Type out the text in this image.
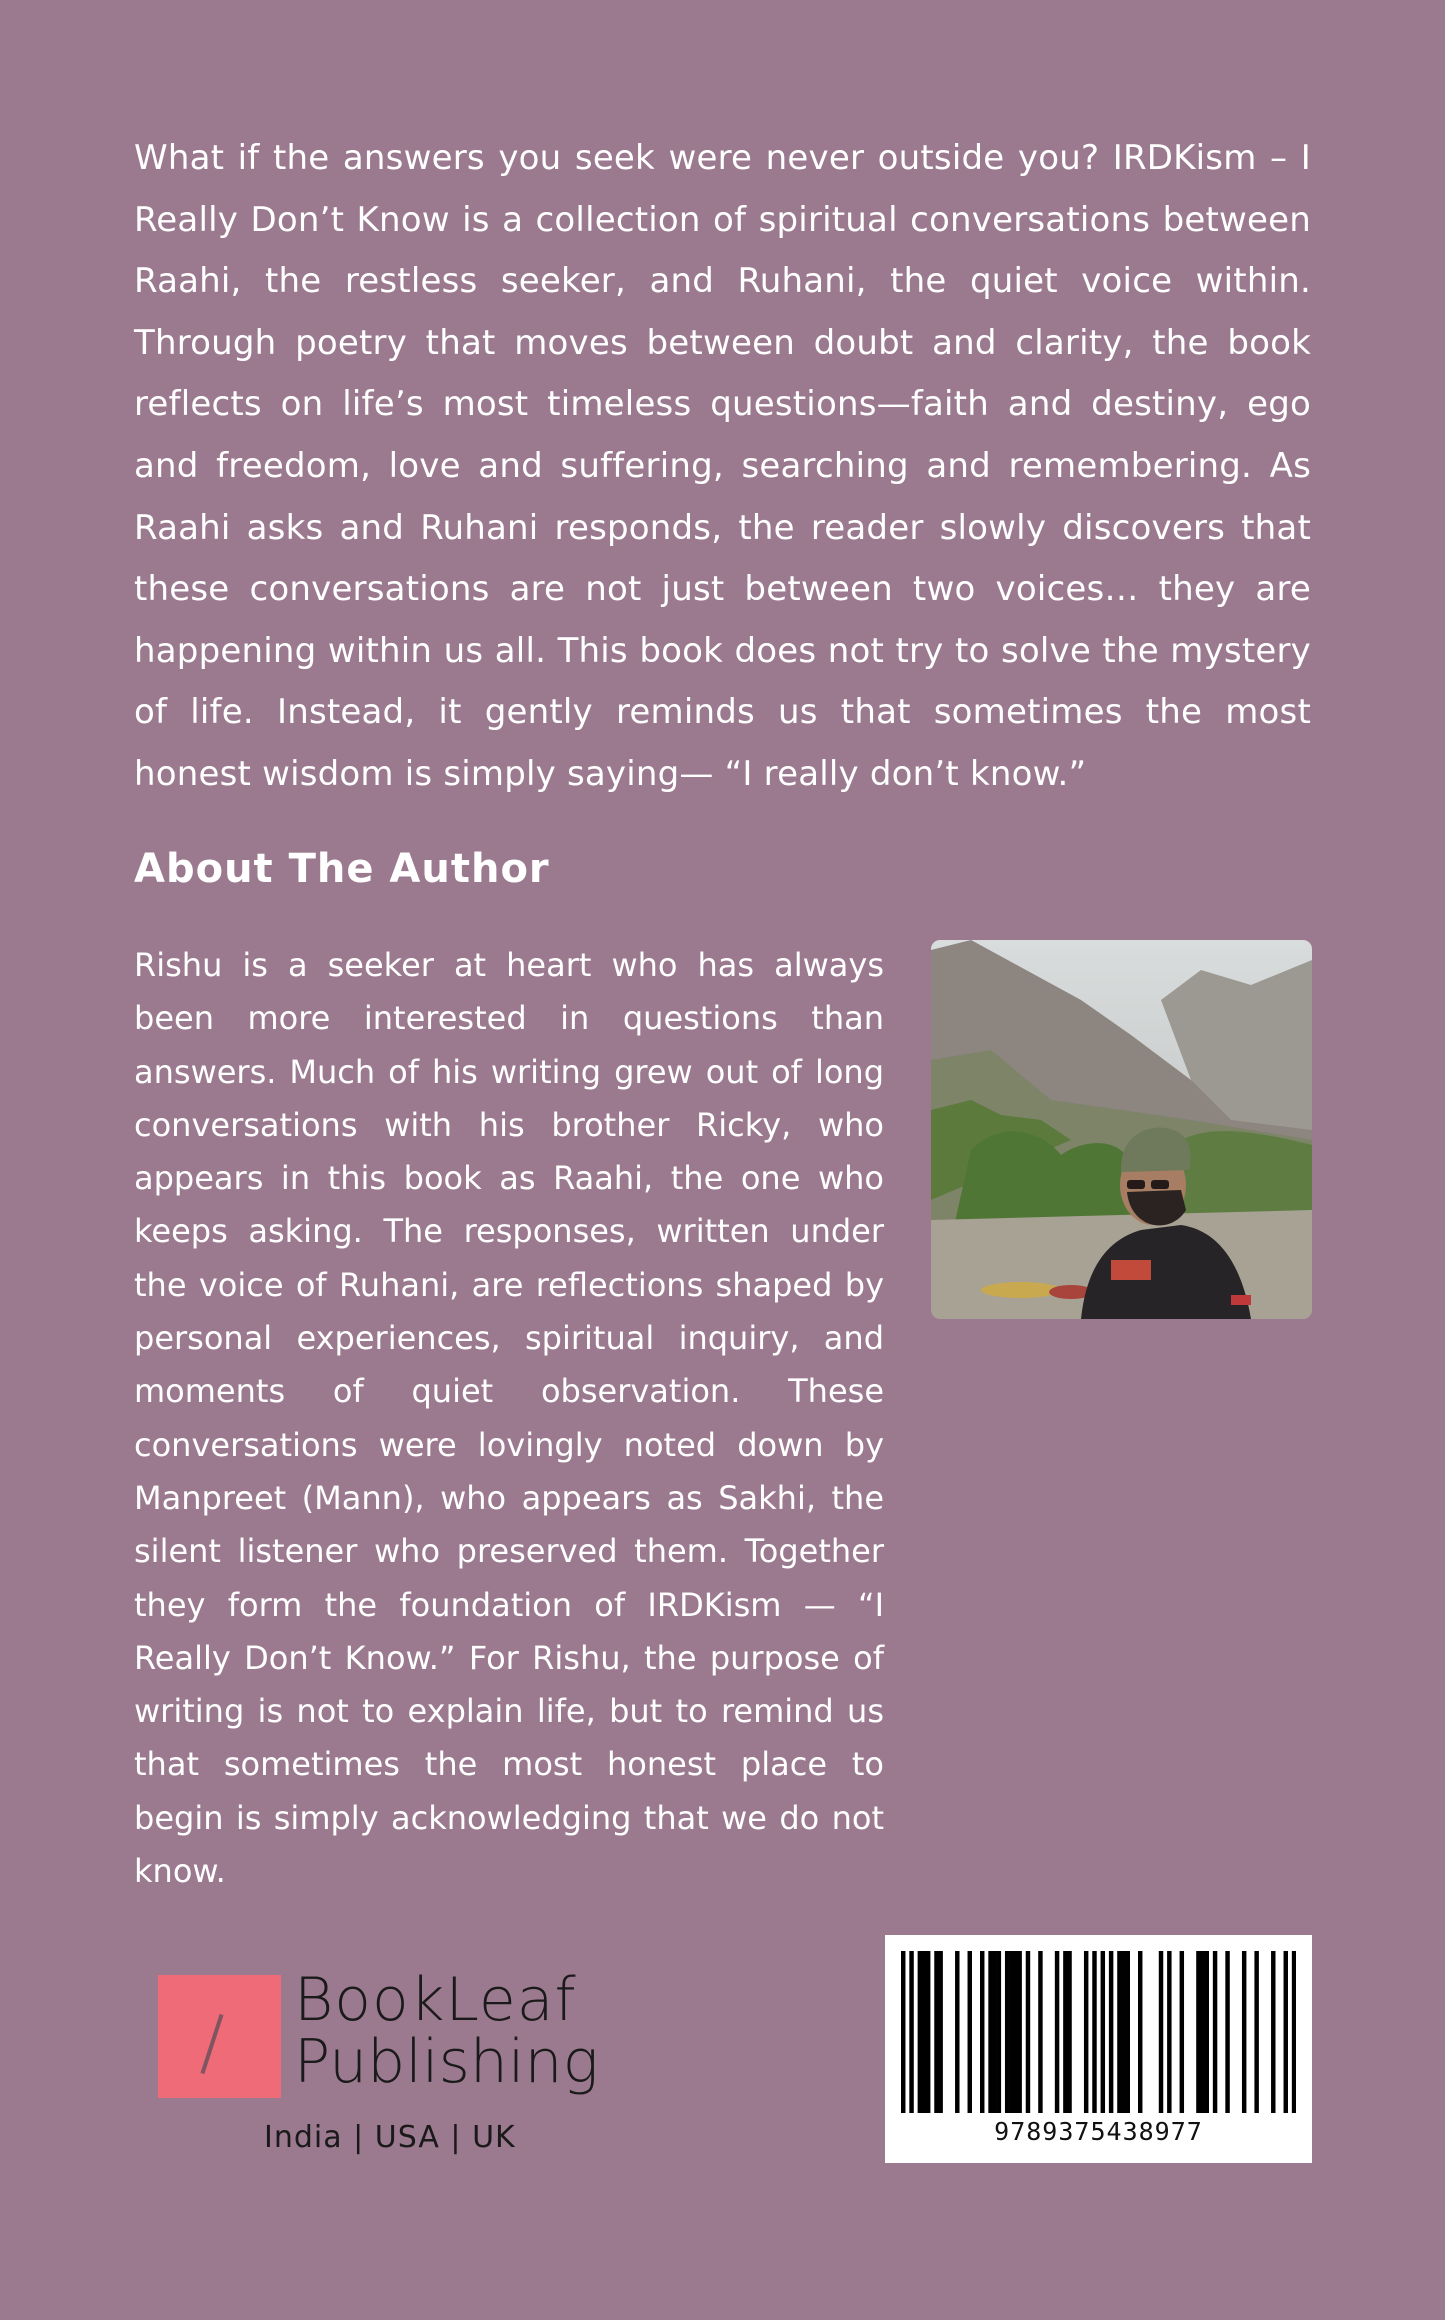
What if the answers you seek were never outside you? IRDKism – I Really Don’t Know is a collection of spiritual conversations between Raahi, the restless seeker, and Ruhani, the quiet voice within. Through poetry that moves between doubt and clarity, the book reflects on life’s most timeless questions—faith and destiny, ego and freedom, love and suffering, searching and remembering. As Raahi asks and Ruhani responds, the reader slowly discovers that these conversations are not just between two voices… they are happening within us all. This book does not try to solve the mystery of life. Instead, it gently reminds us that sometimes the most honest wisdom is simply saying— “I really don’t know.”

About The Author

Rishu is a seeker at heart who has always been more interested in questions than answers. Much of his writing grew out of long conversations with his brother Ricky, who appears in this book as Raahi, the one who keeps asking. The responses, written under the voice of Ruhani, are reflections shaped by personal experiences, spiritual inquiry, and moments of quiet observation. These conversations were lovingly noted down by Manpreet (Mann), who appears as Sakhi, the silent listener who preserved them. Together they form the foundation of IRDKism — “I Really Don’t Know.” For Rishu, the purpose of writing is not to explain life, but to remind us that sometimes the most honest place to begin is simply acknowledging that we do not know.

BookLeaf
Publishing
India | USA | UK	9789375438977
